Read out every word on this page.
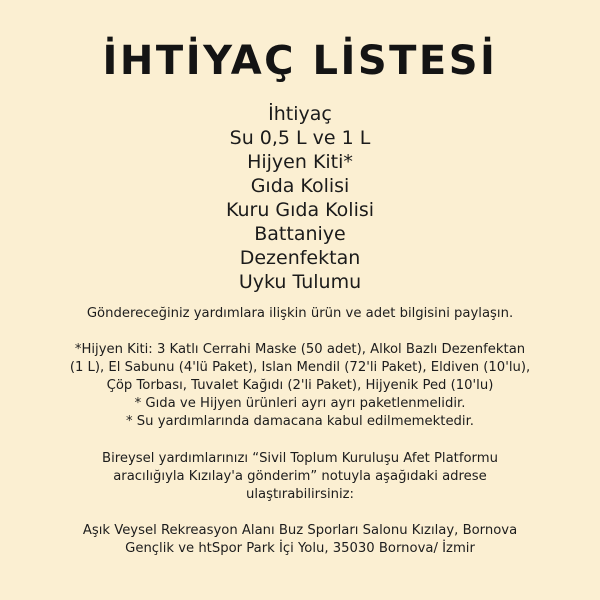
İHTİYAÇ LİSTESİ
İhtiyaç
Su 0,5 L ve 1 L
Hijyen Kiti*
Gıda Kolisi
Kuru Gıda Kolisi
Battaniye
Dezenfektan
Uyku Tulumu

Göndereceğiniz yardımlara ilişkin ürün ve adet bilgisini paylaşın.

*Hijyen Kiti: 3 Katlı Cerrahi Maske (50 adet), Alkol Bazlı Dezenfektan
(1 L), El Sabunu (4'lü Paket), Islan Mendil (72'li Paket), Eldiven (10'lu),
Çöp Torbası, Tuvalet Kağıdı (2'li Paket), Hijyenik Ped (10'lu)
* Gıda ve Hijyen ürünleri ayrı ayrı paketlenmelidir.
* Su yardımlarında damacana kabul edilmemektedir.
Bireysel yardımlarınızı “Sivil Toplum Kuruluşu Afet Platformu
aracılığıyla Kızılay'a gönderim” notuyla aşağıdaki adrese
ulaştırabilirsiniz:
Aşık Veysel Rekreasyon Alanı Buz Sporları Salonu Kızılay, Bornova
Gençlik ve htSpor Park İçi Yolu, 35030 Bornova/ İzmir
